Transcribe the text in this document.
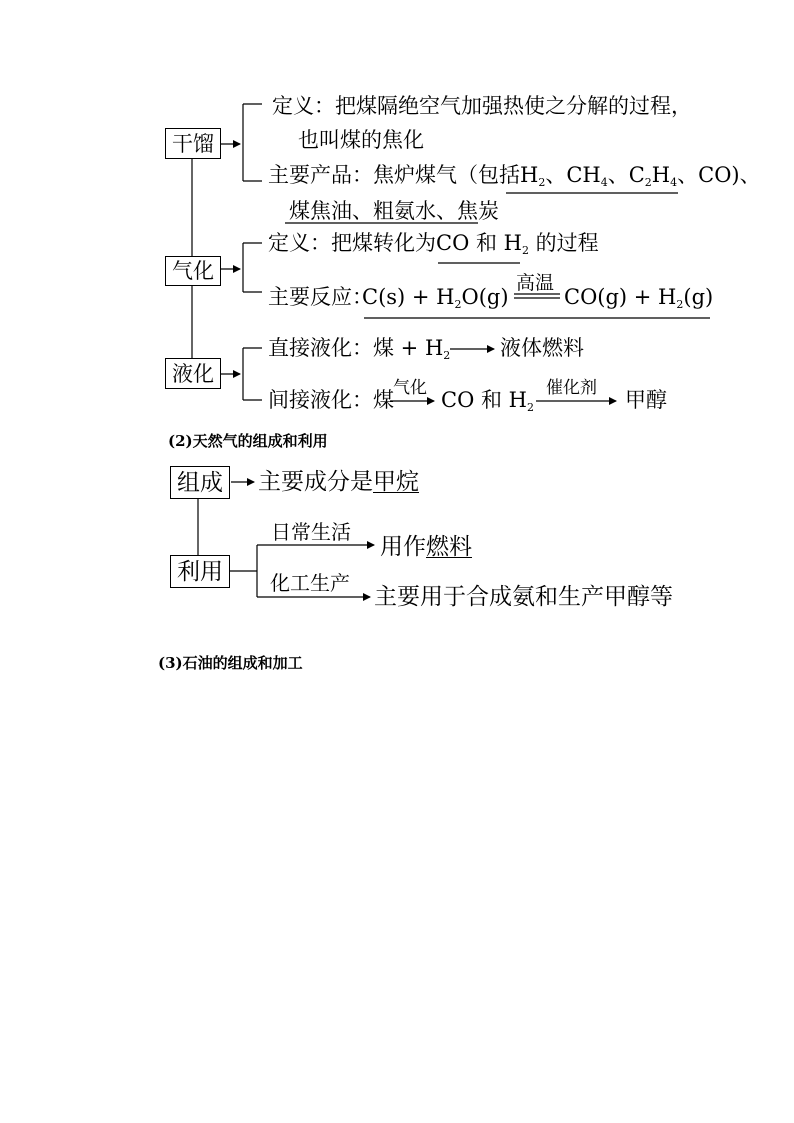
干馏
定义：把煤隔绝空气加强热使之分解的过程，
也叫煤的焦化
主要产品：焦炉煤气（包括$H_2$、$CH_4$、$C_2H_4$、CO)、
煤焦油、粗氨水、焦炭
气化
定义：把煤转化为CO 和 $H_2$ 的过程
高温
主要反应：
$C(s) + H_2O(g)$	$CO(g) + H_2(g)$
液化
直接液化：煤 + $H_2$ 液体燃料
气化
间接液化：煤 CO 和 $H_2$
催化剂 甲醇
(2)天然气的组成和利用
组成 主要成分是甲烷
日常生活
利用
用作燃料
化工生产
主要用于合成氨和生产甲醇等
(3)石油的组成和加工
